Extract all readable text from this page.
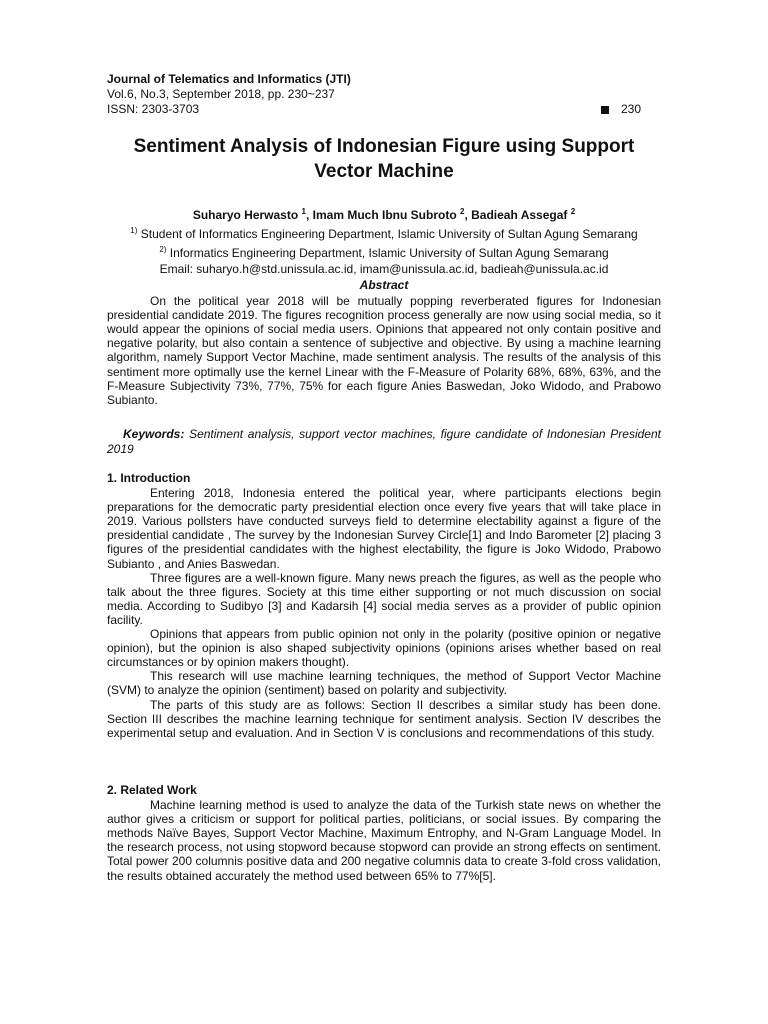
Journal of Telematics and Informatics (JTI)
Vol.6, No.3, September 2018, pp. 230~237
ISSN: 2303-3703	230
Sentiment Analysis of Indonesian Figure using Support Vector Machine
Suharyo Herwasto $^1$, Imam Much Ibnu Subroto $^2$, Badieah Assegaf $^2$
$^{1)}$ Student of Informatics Engineering Department, Islamic University of Sultan Agung Semarang
$^{2)}$ Informatics Engineering Department, Islamic University of Sultan Agung Semarang
Email: suharyo.h@std.unissula.ac.id, imam@unissula.ac.id, badieah@unissula.ac.id
Abstract

On the political year 2018 will be mutually popping reverberated figures for Indonesian presidential candidate 2019. The figures recognition process generally are now using social media, so it would appear the opinions of social media users. Opinions that appeared not only contain positive and negative polarity, but also contain a sentence of subjective and objective. By using a machine learning algorithm, namely Support Vector Machine, made sentiment analysis. The results of the analysis of this sentiment more optimally use the kernel Linear with the F-Measure of Polarity 68%, 68%, 63%, and the F-Measure Subjectivity 73%, 77%, 75% for each figure Anies Baswedan, Joko Widodo, and Prabowo Subianto.

Keywords: Sentiment analysis, support vector machines, figure candidate of Indonesian President 2019
1. Introduction

Entering 2018, Indonesia entered the political year, where participants elections begin preparations for the democratic party presidential election once every five years that will take place in 2019. Various pollsters have conducted surveys field to determine electability against a figure of the presidential candidate , The survey by the Indonesian Survey Circle[1] and Indo Barometer [2] placing 3 figures of the presidential candidates with the highest electability, the figure is Joko Widodo, Prabowo Subianto , and Anies Baswedan.

Three figures are a well-known figure. Many news preach the figures, as well as the people who talk about the three figures. Society at this time either supporting or not much discussion on social media. According to Sudibyo [3] and Kadarsih [4] social media serves as a provider of public opinion facility.

Opinions that appears from public opinion not only in the polarity (positive opinion or negative opinion), but the opinion is also shaped subjectivity opinions (opinions arises whether based on real circumstances or by opinion makers thought).

This research will use machine learning techniques, the method of Support Vector Machine (SVM) to analyze the opinion (sentiment) based on polarity and subjectivity.

The parts of this study are as follows: Section II describes a similar study has been done. Section III describes the machine learning technique for sentiment analysis. Section IV describes the experimental setup and evaluation. And in Section V is conclusions and recommendations of this study.

2. Related Work

Machine learning method is used to analyze the data of the Turkish state news on whether the author gives a criticism or support for political parties, politicians, or social issues. By comparing the methods Naïve Bayes, Support Vector Machine, Maximum Entrophy, and N-Gram Language Model. In the research process, not using stopword because stopword can provide an strong effects on sentiment. Total power 200 columnis positive data and 200 negative columnis data to create 3-fold cross validation, the results obtained accurately the method used between 65% to 77%[5].
